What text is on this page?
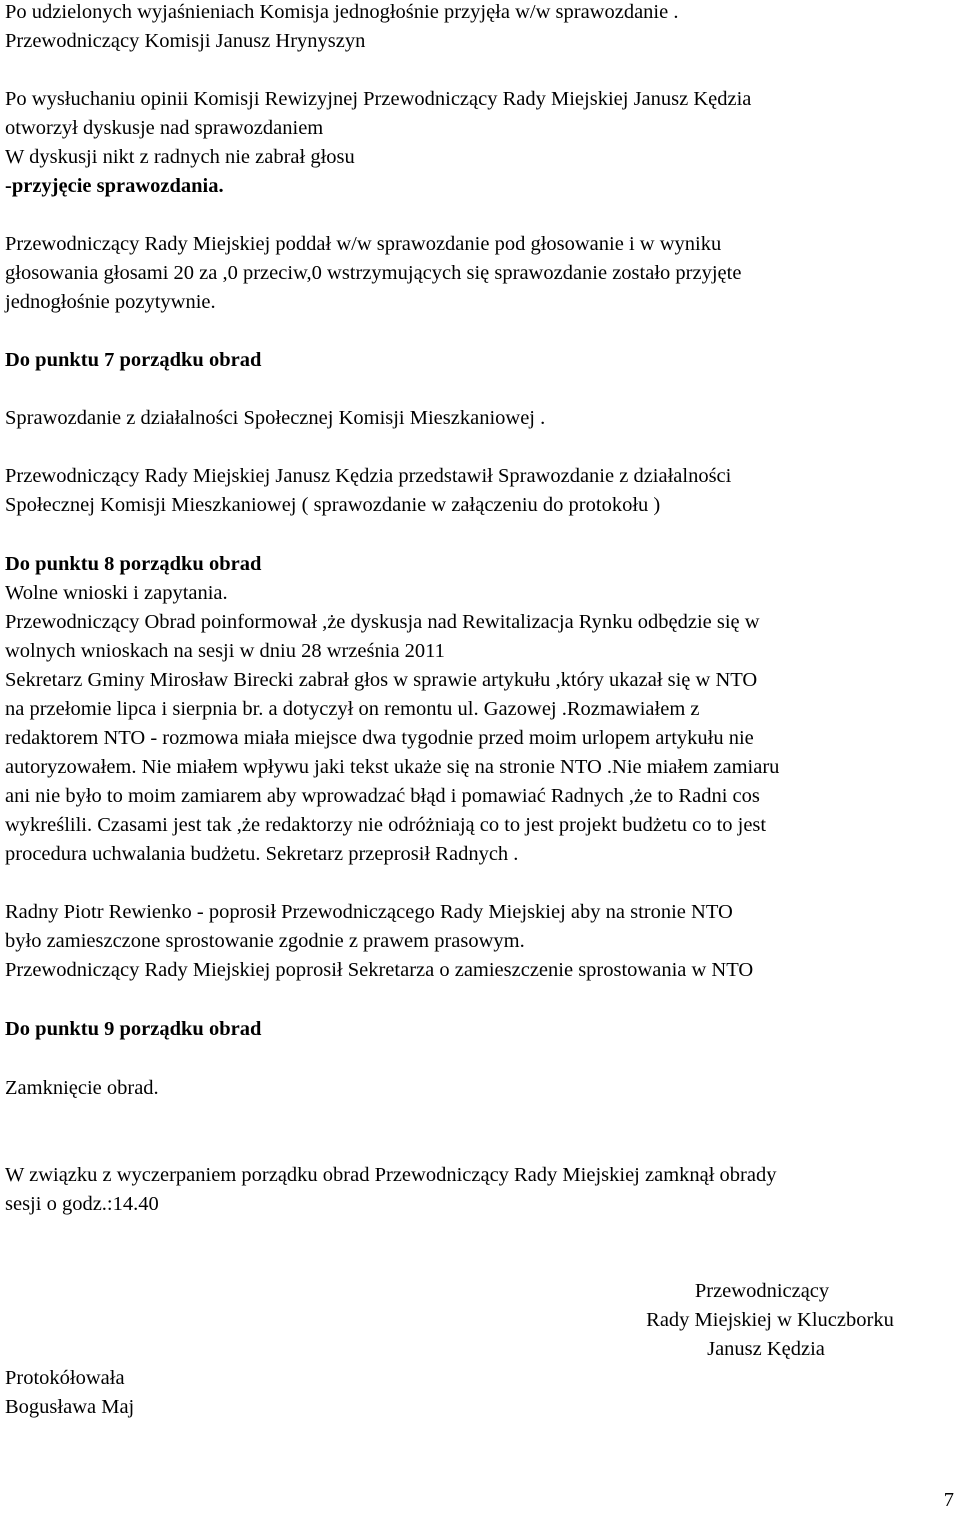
Po udzielonych wyjaśnieniach Komisja jednogłośnie przyjęła w/w sprawozdanie .
Przewodniczący Komisji Janusz Hrynyszyn
Po wysłuchaniu opinii Komisji Rewizyjnej Przewodniczący Rady Miejskiej Janusz Kędzia
otworzył dyskusje nad sprawozdaniem
W dyskusji nikt z radnych nie zabrał głosu
-przyjęcie sprawozdania.
Przewodniczący Rady Miejskiej poddał w/w sprawozdanie pod głosowanie i w wyniku
głosowania głosami 20 za ,0 przeciw,0 wstrzymujących się sprawozdanie zostało przyjęte
jednogłośnie pozytywnie.
Do punktu 7 porządku obrad
Sprawozdanie z działalności Społecznej Komisji Mieszkaniowej .
Przewodniczący Rady Miejskiej Janusz Kędzia przedstawił Sprawozdanie z działalności
Społecznej Komisji Mieszkaniowej ( sprawozdanie w załączeniu do protokołu )
Do punktu 8 porządku obrad
Wolne wnioski i zapytania.
Przewodniczący Obrad poinformował ,że dyskusja nad Rewitalizacja Rynku odbędzie się w
wolnych wnioskach na sesji w dniu 28 września 2011
Sekretarz Gminy Mirosław Birecki zabrał głos w sprawie artykułu ,który ukazał się w NTO
na przełomie lipca i sierpnia br. a dotyczył on remontu ul. Gazowej .Rozmawiałem z
redaktorem NTO - rozmowa miała miejsce dwa tygodnie przed moim urlopem artykułu nie
autoryzowałem. Nie miałem wpływu jaki tekst ukaże się na stronie NTO .Nie miałem zamiaru
ani nie było to moim zamiarem aby wprowadzać błąd i pomawiać Radnych ,że to Radni cos
wykreślili. Czasami jest tak ,że redaktorzy nie odróżniają co to jest projekt budżetu co to jest
procedura uchwalania budżetu. Sekretarz przeprosił Radnych .
Radny Piotr Rewienko - poprosił Przewodniczącego Rady Miejskiej aby na stronie NTO
było zamieszczone sprostowanie zgodnie z prawem prasowym.
Przewodniczący Rady Miejskiej poprosił Sekretarza o zamieszczenie sprostowania w NTO
Do punktu 9 porządku obrad
Zamknięcie obrad.
W związku z wyczerpaniem porządku obrad Przewodniczący Rady Miejskiej zamknął obrady
sesji o godz.:14.40
Przewodniczący
Rady Miejskiej w Kluczborku
Janusz Kędzia
Protokółowała
Bogusława Maj
7
